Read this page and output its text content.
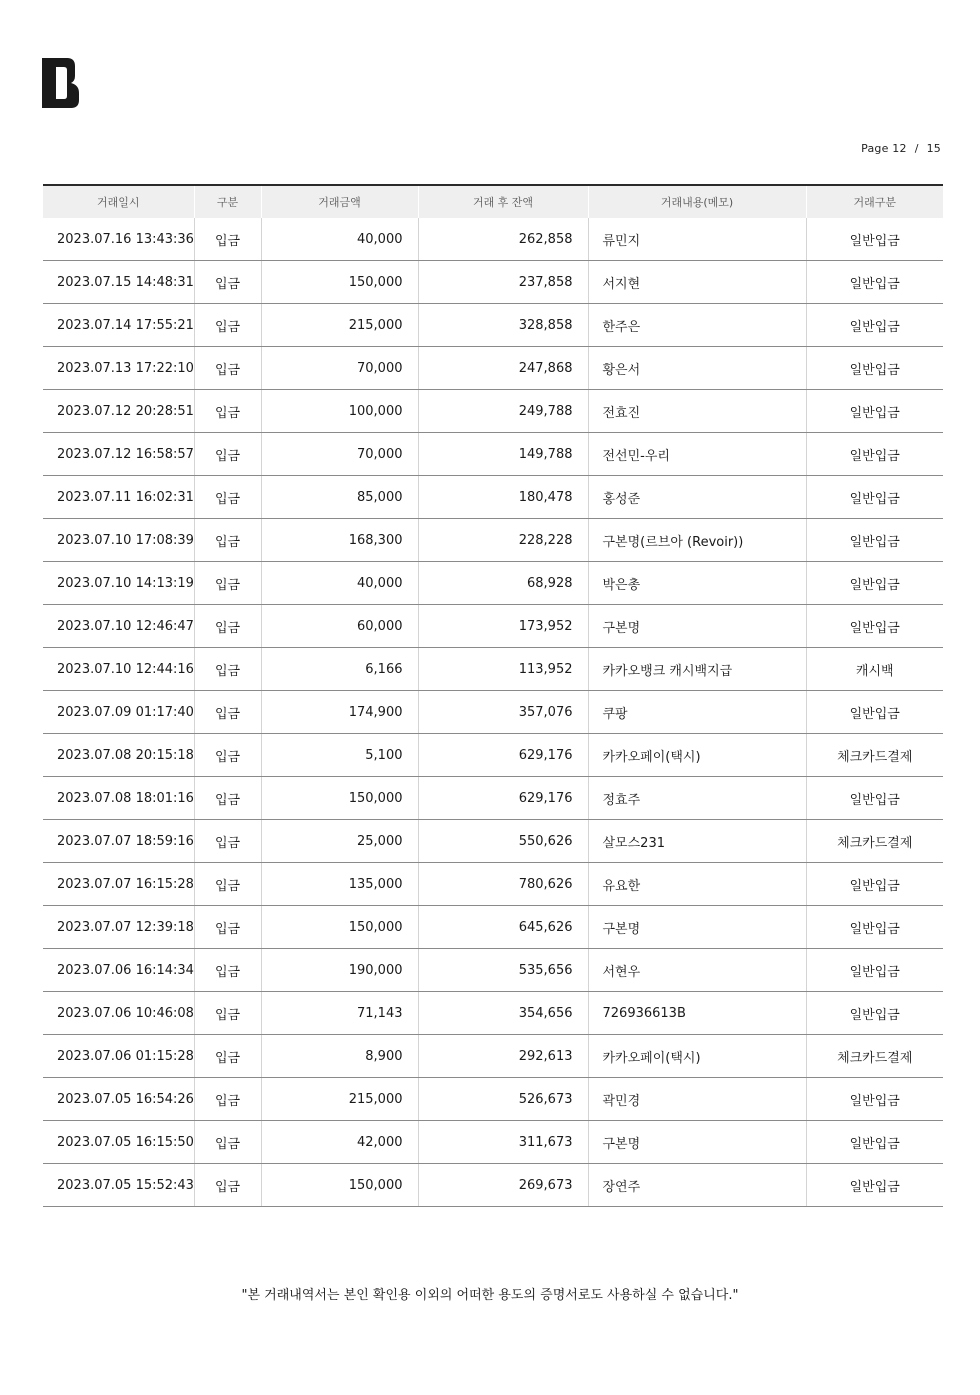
Page 12 / 15
거래일시	구분	거래금액	거래 후 잔액	거래내용(메모)	거래구분
2023.07.16 13:43:36	입금	40,000	262,858	류민지	일반입금
2023.07.15 14:48:31	입금	150,000	237,858	서지현	일반입금
2023.07.14 17:55:21	입금	215,000	328,858	한주은	일반입금
2023.07.13 17:22:10	입금	70,000	247,868	황은서	일반입금
2023.07.12 20:28:51	입금	100,000	249,788	전효진	일반입금
2023.07.12 16:58:57	입금	70,000	149,788	전선민-우리	일반입금
2023.07.11 16:02:31	입금	85,000	180,478	홍성준	일반입금
2023.07.10 17:08:39	입금	168,300	228,228	구본명(르브아 (Revoir))	일반입금
2023.07.10 14:13:19	입금	40,000	68,928	박은총	일반입금
2023.07.10 12:46:47	입금	60,000	173,952	구본명	일반입금
2023.07.10 12:44:16	입금	6,166	113,952	카카오뱅크 캐시백지급	캐시백
2023.07.09 01:17:40	입금	174,900	357,076	쿠팡	일반입금
2023.07.08 20:15:18	입금	5,100	629,176	카카오페이(택시)	체크카드결제
2023.07.08 18:01:16	입금	150,000	629,176	정효주	일반입금
2023.07.07 18:59:16	입금	25,000	550,626	살모스231	체크카드결제
2023.07.07 16:15:28	입금	135,000	780,626	유요한	일반입금
2023.07.07 12:39:18	입금	150,000	645,626	구본명	일반입금
2023.07.06 16:14:34	입금	190,000	535,656	서현우	일반입금
2023.07.06 10:46:08	입금	71,143	354,656	726936613B	일반입금
2023.07.06 01:15:28	입금	8,900	292,613	카카오페이(택시)	체크카드결제
2023.07.05 16:54:26	입금	215,000	526,673	곽민경	일반입금
2023.07.05 16:15:50	입금	42,000	311,673	구본명	일반입금
2023.07.05 15:52:43	입금	150,000	269,673	장연주	일반입금
"본 거래내역서는 본인 확인용 이외의 어떠한 용도의 증명서로도 사용하실 수 없습니다."
